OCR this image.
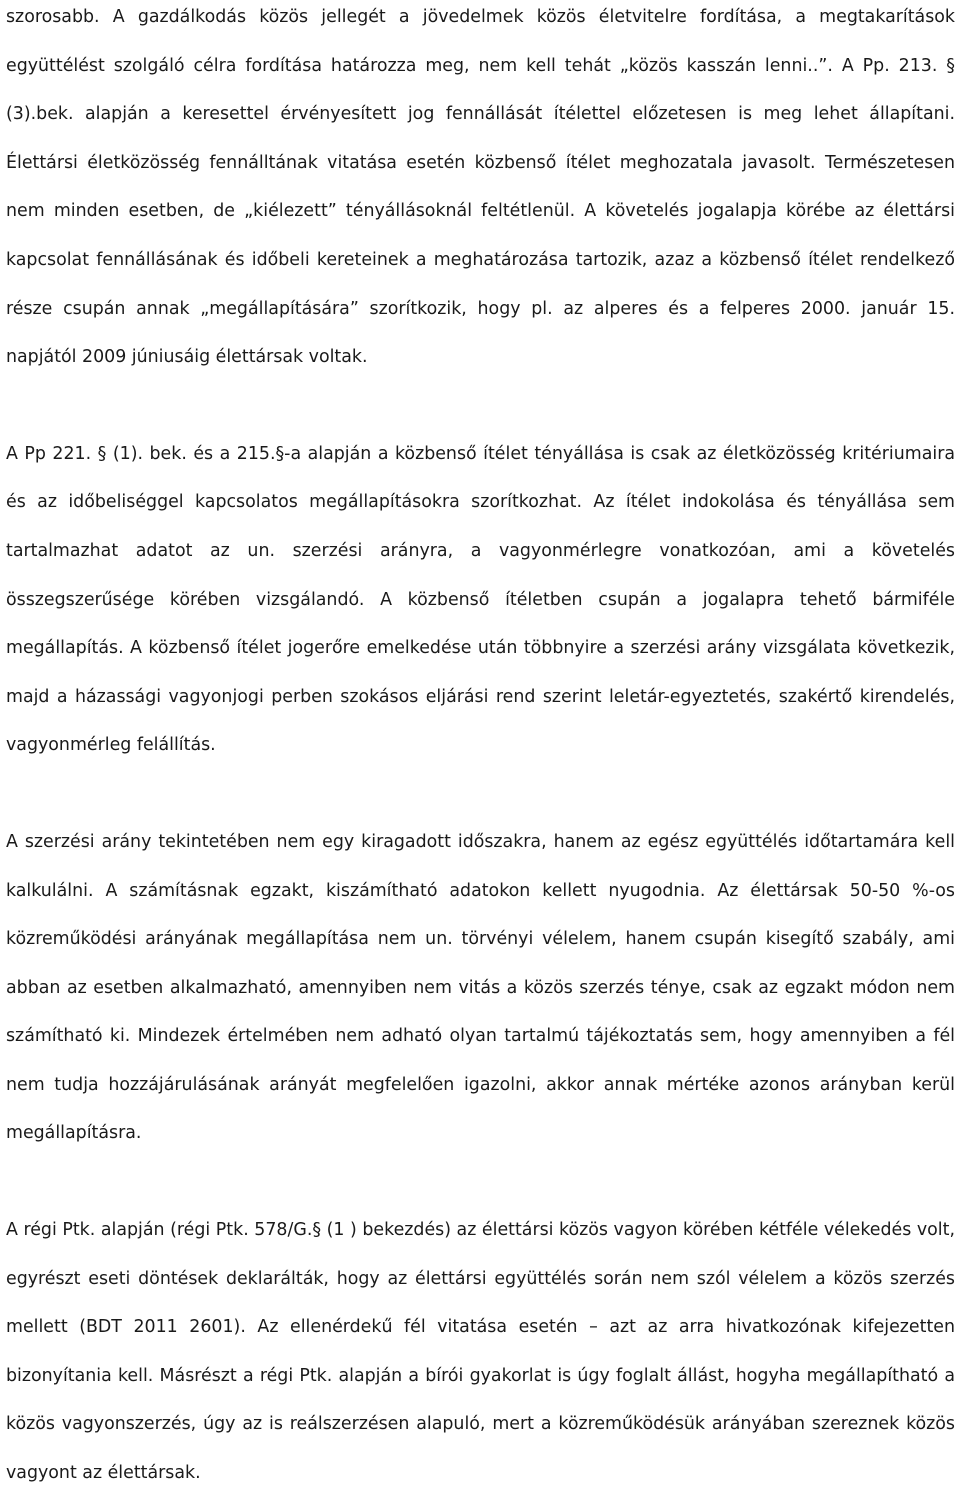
szorosabb. A gazdálkodás közös jellegét a jövedelmek közös életvitelre fordítása, a megtakarítások együttélést szolgáló célra fordítása határozza meg, nem kell tehát „közös kasszán lenni..”. A Pp. 213. § (3).bek. alapján a keresettel érvényesített jog fennállását ítélettel előzetesen is meg lehet állapítani. Élettársi életközösség fennálltának vitatása esetén közbenső ítélet meghozatala javasolt. Természetesen nem minden esetben, de „kiélezett” tényállásoknál feltétlenül. A követelés jogalapja körébe az élettársi kapcsolat fennállásának és időbeli kereteinek a meghatározása tartozik, azaz a közbenső ítélet rendelkező része csupán annak „megállapítására” szorítkozik, hogy pl. az alperes és a felperes 2000. január 15. napjától 2009 júniusáig élettársak voltak.

A Pp 221. § (1). bek. és a 215.§-a alapján a közbenső ítélet tényállása is csak az életközösség kritériumaira és az időbeliséggel kapcsolatos megállapításokra szorítkozhat. Az ítélet indokolása és tényállása sem tartalmazhat adatot az un. szerzési arányra, a vagyonmérlegre vonatkozóan, ami a követelés összegszerűsége körében vizsgálandó. A közbenső ítéletben csupán a jogalapra tehető bármiféle megállapítás. A közbenső ítélet jogerőre emelkedése után többnyire a szerzési arány vizsgálata következik, majd a házassági vagyonjogi perben szokásos eljárási rend szerint leletár-egyeztetés, szakértő kirendelés, vagyonmérleg felállítás.

A szerzési arány tekintetében nem egy kiragadott időszakra, hanem az egész együttélés időtartamára kell kalkulálni. A számításnak egzakt, kiszámítható adatokon kellett nyugodnia. Az élettársak 50-50 %-os közreműködési arányának megállapítása nem un. törvényi vélelem, hanem csupán kisegítő szabály, ami abban az esetben alkalmazható, amennyiben nem vitás a közös szerzés ténye, csak az egzakt módon nem számítható ki. Mindezek értelmében nem adható olyan tartalmú tájékoztatás sem, hogy amennyiben a fél nem tudja hozzájárulásának arányát megfelelően igazolni, akkor annak mértéke azonos arányban kerül megállapításra.

A régi Ptk. alapján (régi Ptk. 578/G.§ (1 ) bekezdés) az élettársi közös vagyon körében kétféle vélekedés volt, egyrészt eseti döntések deklarálták, hogy az élettársi együttélés során nem szól vélelem a közös szerzés mellett (BDT 2011 2601). Az ellenérdekű fél vitatása esetén – azt az arra hivatkozónak kifejezetten bizonyítania kell. Másrészt a régi Ptk. alapján a bírói gyakorlat is úgy foglalt állást, hogyha megállapítható a közös vagyonszerzés, úgy az is reálszerzésen alapuló, mert a közreműködésük arányában szereznek közös vagyont az élettársak.
